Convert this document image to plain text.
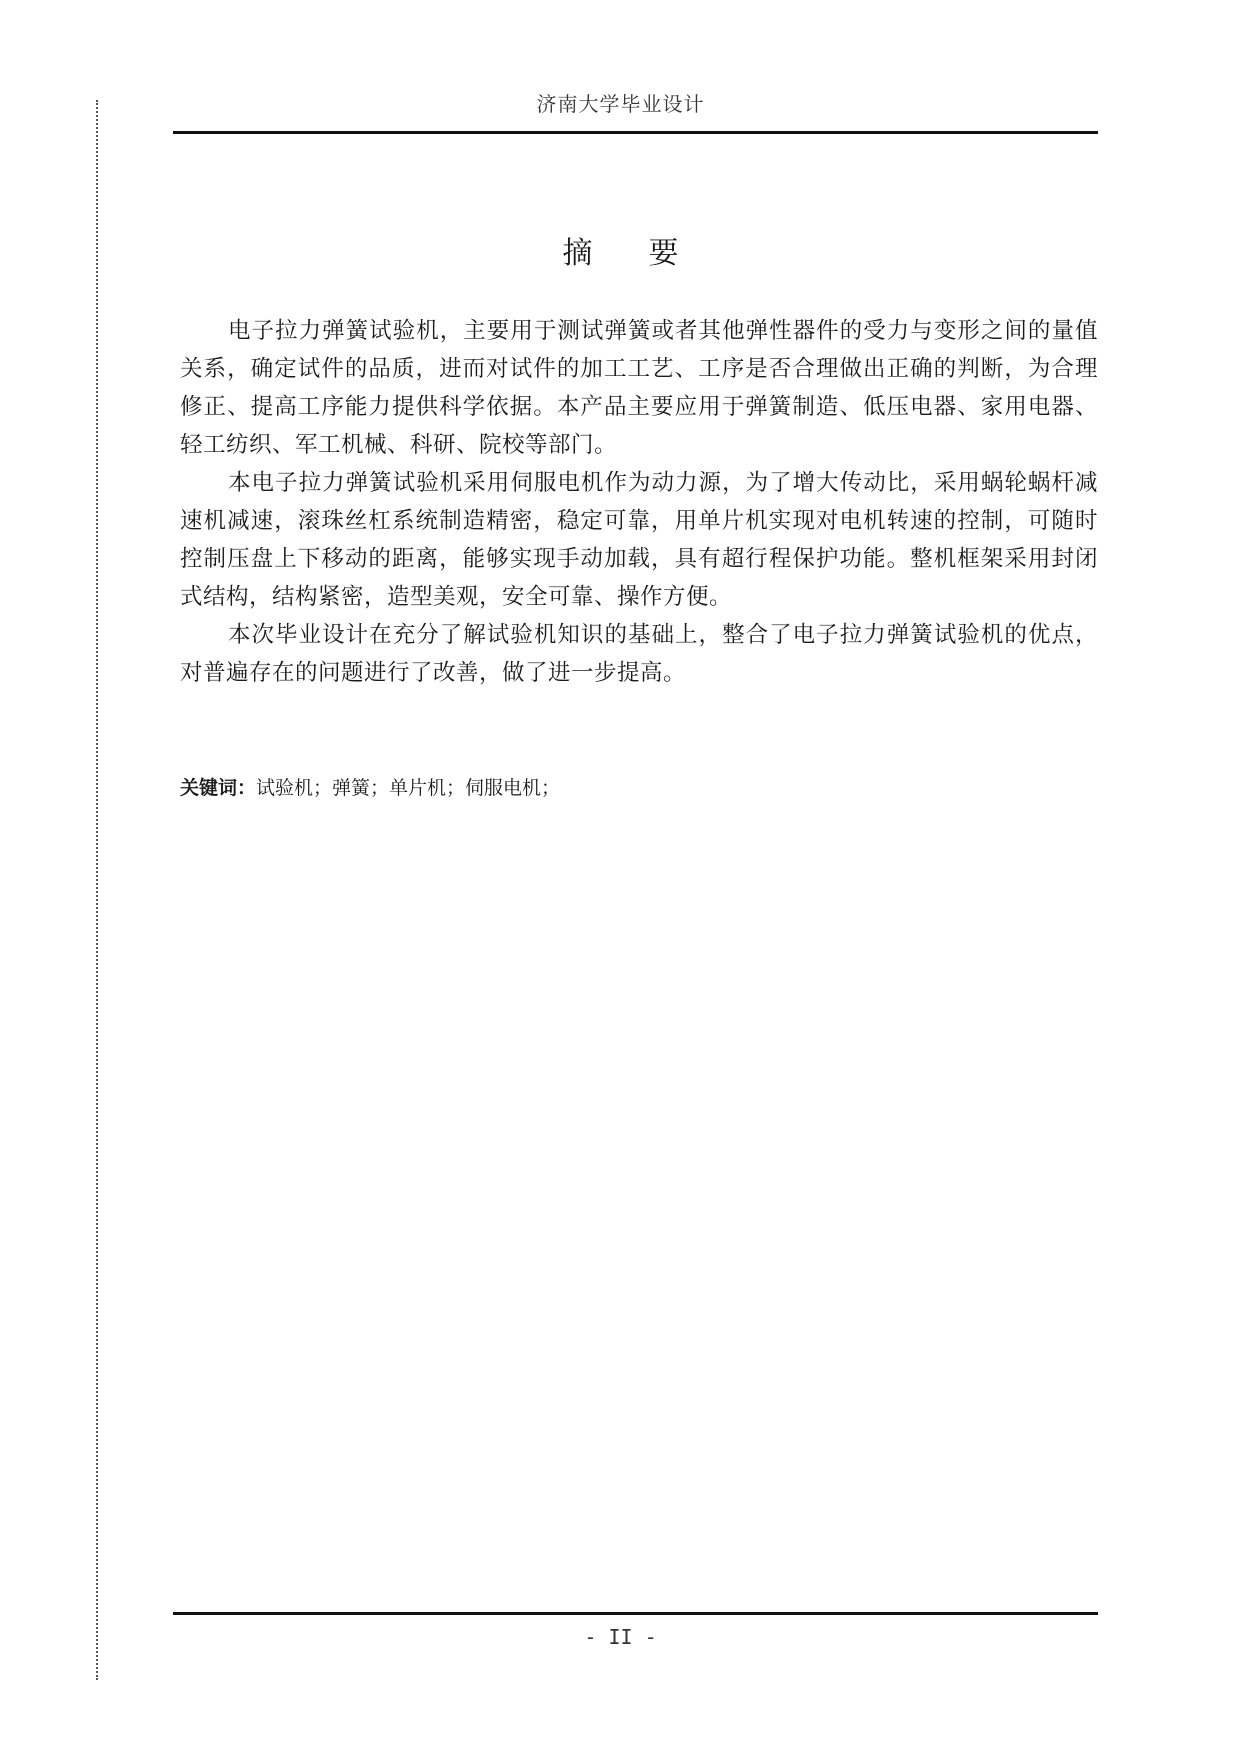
济南大学毕业设计
摘要

电子拉力弹簧试验机，主要用于测试弹簧或者其他弹性器件的受力与变形之间的量值关系，确定试件的品质，进而对试件的加工工艺、工序是否合理做出正确的判断，为合理修正、提高工序能力提供科学依据。本产品主要应用于弹簧制造、低压电器、家用电器、轻工纺织、军工机械、科研、院校等部门。

本电子拉力弹簧试验机采用伺服电机作为动力源，为了增大传动比，采用蜗轮蜗杆减速机减速，滚珠丝杠系统制造精密，稳定可靠，用单片机实现对电机转速的控制，可随时控制压盘上下移动的距离，能够实现手动加载，具有超行程保护功能。整机框架采用封闭式结构，结构紧密，造型美观，安全可靠、操作方便。

本次毕业设计在充分了解试验机知识的基础上，整合了电子拉力弹簧试验机的优点，对普遍存在的问题进行了改善，做了进一步提高。

关键词：试验机；弹簧；单片机；伺服电机；
- II -
